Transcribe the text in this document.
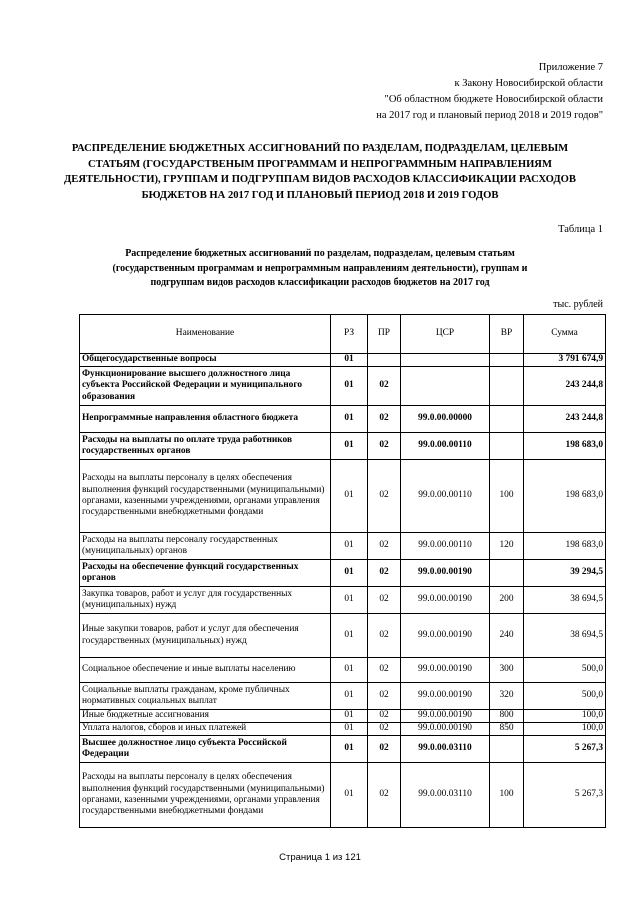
Приложение 7
к Закону Новосибирской области
"Об областном бюджете Новосибирской области
на 2017 год и плановый период 2018 и 2019 годов"
РАСПРЕДЕЛЕНИЕ БЮДЖЕТНЫХ АССИГНОВАНИЙ ПО РАЗДЕЛАМ, ПОДРАЗДЕЛАМ, ЦЕЛЕВЫМ СТАТЬЯМ (ГОСУДАРСТВЕНЫМ ПРОГРАММАМ И НЕПРОГРАММНЫМ НАПРАВЛЕНИЯМ ДЕЯТЕЛЬНОСТИ), ГРУППАМ И ПОДГРУППАМ ВИДОВ РАСХОДОВ КЛАССИФИКАЦИИ РАСХОДОВ БЮДЖЕТОВ НА 2017 ГОД И ПЛАНОВЫЙ ПЕРИОД 2018 И 2019 ГОДОВ
Таблица 1
Распределение бюджетных ассигнований по разделам, подразделам, целевым статьям (государственным программам и непрограммным направлениям деятельности), группам и подгруппам видов расходов классификации расходов бюджетов на 2017 год
тыс. рублей
Наименование	РЗ	ПР	ЦСР	ВР	Сумма
Общегосударственные вопросы	01				3 791 674,9
Функционирование высшего должностного лица субъекта Российской Федерации и муниципального образования	01	02			243 244,8
Непрограммные направления областного бюджета	01	02	99.0.00.00000		243 244,8
Расходы на выплаты по оплате труда работников государственных органов	01	02	99.0.00.00110		198 683,0
Расходы на выплаты персоналу в целях обеспечения выполнения функций государственными (муниципальными) органами, казенными учреждениями, органами управления государственными внебюджетными фондами	01	02	99.0.00.00110	100	198 683,0
Расходы на выплаты персоналу государственных (муниципальных) органов	01	02	99.0.00.00110	120	198 683,0
Расходы на обеспечение функций государственных органов	01	02	99.0.00.00190		39 294,5
Закупка товаров, работ и услуг для государственных (муниципальных) нужд	01	02	99.0.00.00190	200	38 694,5
Иные закупки товаров, работ и услуг для обеспечения государственных (муниципальных) нужд	01	02	99.0.00.00190	240	38 694,5
Социальное обеспечение и иные выплаты населению	01	02	99.0.00.00190	300	500,0
Социальные выплаты гражданам, кроме публичных нормативных социальных выплат	01	02	99.0.00.00190	320	500,0
Иные бюджетные ассигнования	01	02	99.0.00.00190	800	100,0
Уплата налогов, сборов и иных платежей	01	02	99.0.00.00190	850	100,0
Высшее должностное лицо субъекта Российской Федерации	01	02	99.0.00.03110		5 267,3
Расходы на выплаты персоналу в целях обеспечения выполнения функций государственными (муниципальными) органами, казенными учреждениями, органами управления государственными внебюджетными фондами	01	02	99.0.00.03110	100	5 267,3
Страница 1 из 121
